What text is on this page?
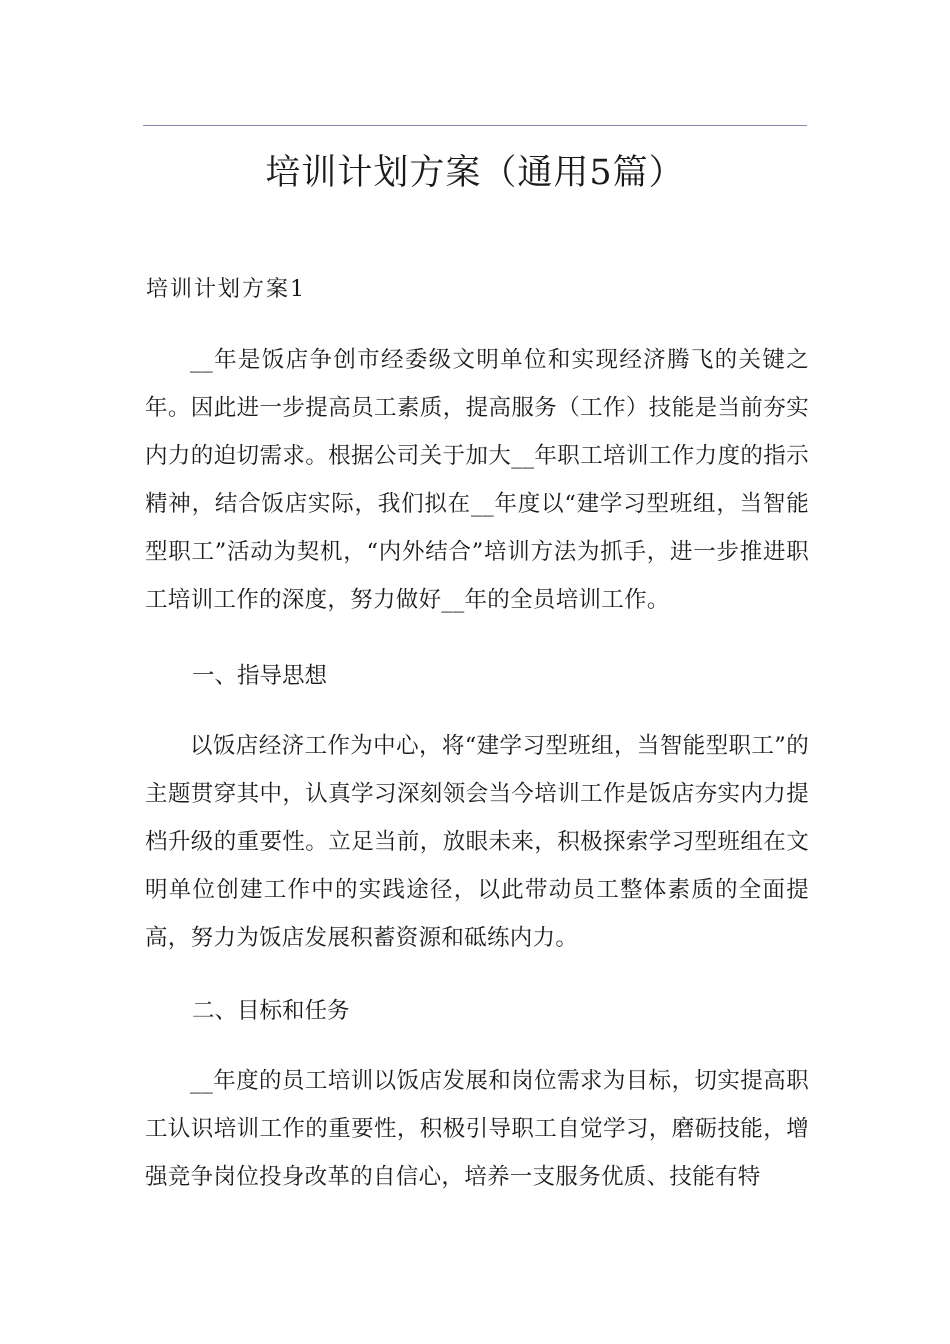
培训计划方案（通用5篇）
培训计划方案1

__年是饭店争创市经委级文明单位和实现经济腾飞的关键之年。因此进一步提高员工素质，提高服务（工作）技能是当前夯实内力的迫切需求。根据公司关于加大__年职工培训工作力度的指示精神，结合饭店实际，我们拟在__年度以“建学习型班组，当智能型职工”活动为契机，“内外结合”培训方法为抓手，进一步推进职工培训工作的深度，努力做好__年的全员培训工作。

一、指导思想

以饭店经济工作为中心，将“建学习型班组，当智能型职工”的主题贯穿其中，认真学习深刻领会当今培训工作是饭店夯实内力提档升级的重要性。立足当前，放眼未来，积极探索学习型班组在文明单位创建工作中的实践途径，以此带动员工整体素质的全面提高，努力为饭店发展积蓄资源和砥练内力。

二、目标和任务

__年度的员工培训以饭店发展和岗位需求为目标，切实提高职工认识培训工作的重要性，积极引导职工自觉学习，磨砺技能，增强竞争岗位投身改革的自信心，培养一支服务优质、技能有特
